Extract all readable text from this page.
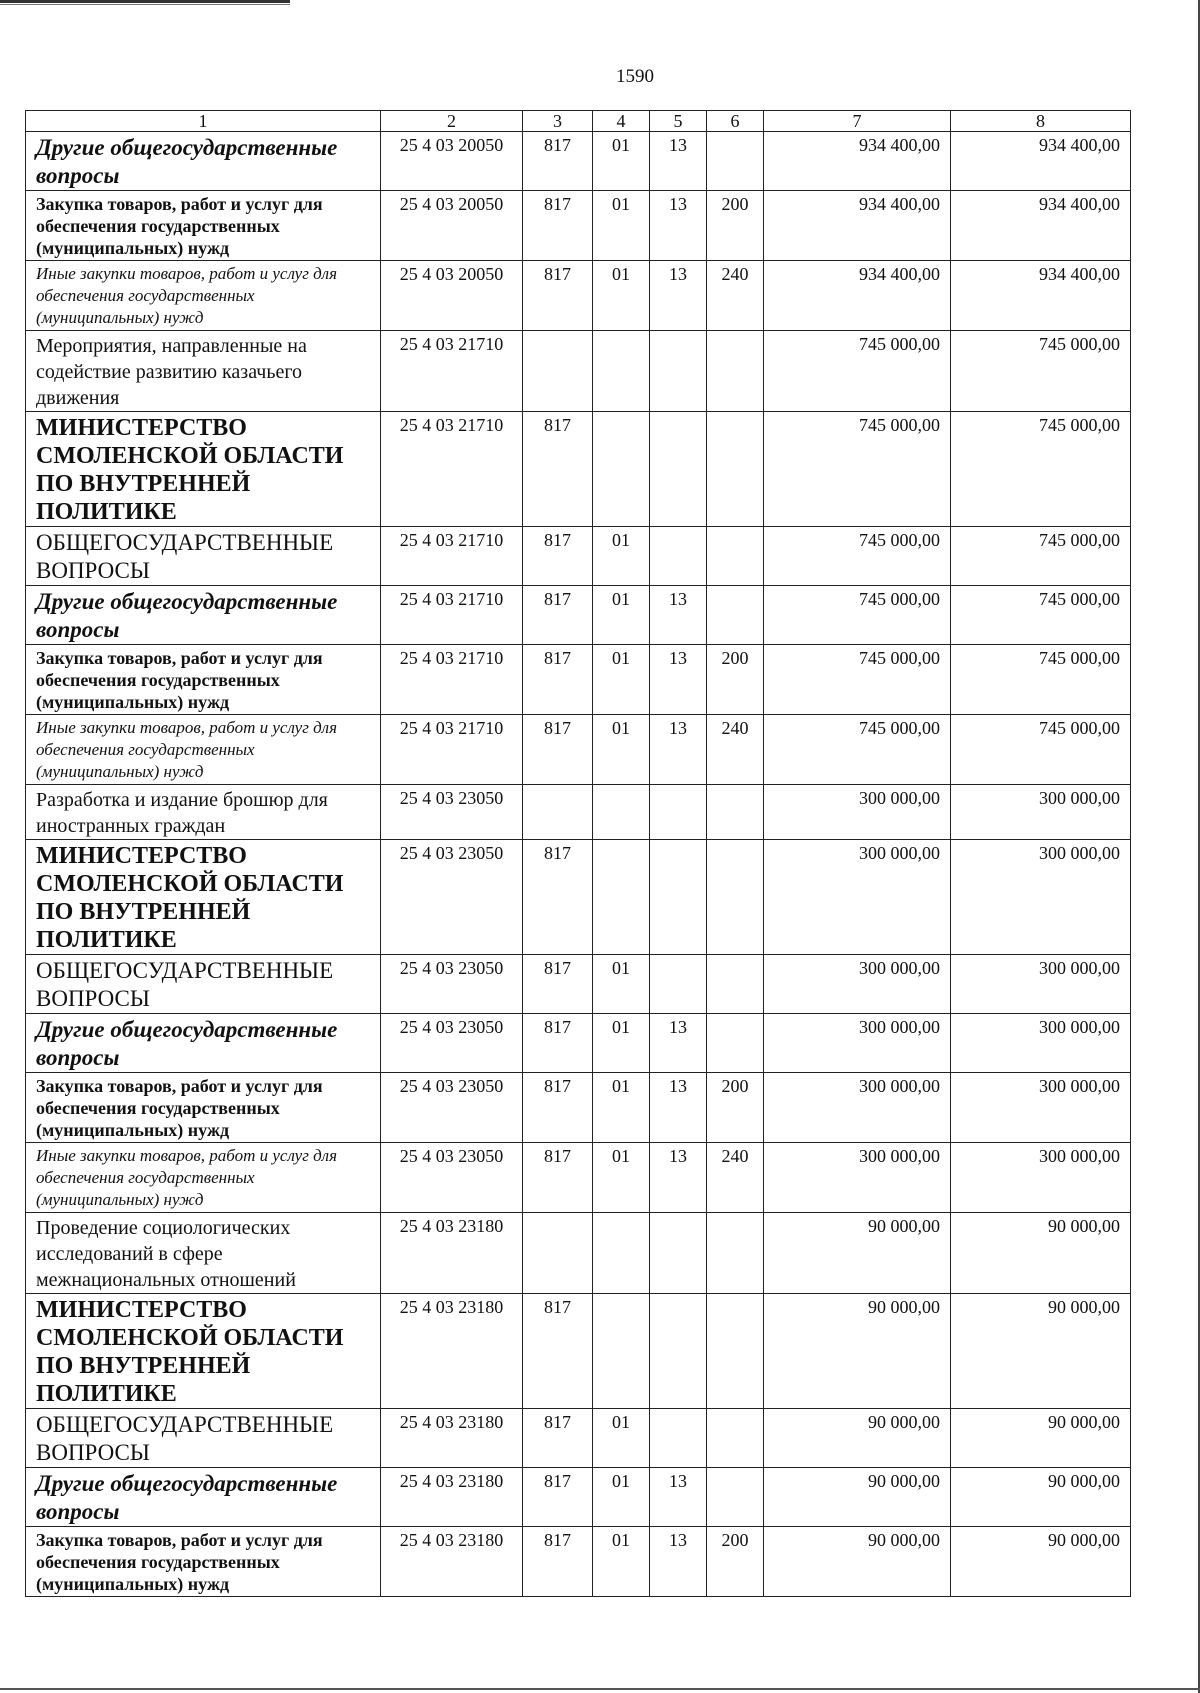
1590
1	2	3	4	5	6	7	8
Другие общегосударственные вопросы	25 4 03 20050	817	01	13		934 400,00	934 400,00
Закупка товаров, работ и услуг для обеспечения государственных (муниципальных) нужд	25 4 03 20050	817	01	13	200	934 400,00	934 400,00
Иные закупки товаров, работ и услуг для обеспечения государственных (муниципальных) нужд	25 4 03 20050	817	01	13	240	934 400,00	934 400,00
Мероприятия, направленные на содействие развитию казачьего движения	25 4 03 21710					745 000,00	745 000,00
МИНИСТЕРСТВО СМОЛЕНСКОЙ ОБЛАСТИ ПО ВНУТРЕННЕЙ ПОЛИТИКЕ	25 4 03 21710	817				745 000,00	745 000,00
ОБЩЕГОСУДАРСТВЕННЫЕ ВОПРОСЫ	25 4 03 21710	817	01			745 000,00	745 000,00
Другие общегосударственные вопросы	25 4 03 21710	817	01	13		745 000,00	745 000,00
Закупка товаров, работ и услуг для обеспечения государственных (муниципальных) нужд	25 4 03 21710	817	01	13	200	745 000,00	745 000,00
Иные закупки товаров, работ и услуг для обеспечения государственных (муниципальных) нужд	25 4 03 21710	817	01	13	240	745 000,00	745 000,00
Разработка и издание брошюр для иностранных граждан	25 4 03 23050					300 000,00	300 000,00
МИНИСТЕРСТВО СМОЛЕНСКОЙ ОБЛАСТИ ПО ВНУТРЕННЕЙ ПОЛИТИКЕ	25 4 03 23050	817				300 000,00	300 000,00
ОБЩЕГОСУДАРСТВЕННЫЕ ВОПРОСЫ	25 4 03 23050	817	01			300 000,00	300 000,00
Другие общегосударственные вопросы	25 4 03 23050	817	01	13		300 000,00	300 000,00
Закупка товаров, работ и услуг для обеспечения государственных (муниципальных) нужд	25 4 03 23050	817	01	13	200	300 000,00	300 000,00
Иные закупки товаров, работ и услуг для обеспечения государственных (муниципальных) нужд	25 4 03 23050	817	01	13	240	300 000,00	300 000,00
Проведение социологических исследований в сфере межнациональных отношений	25 4 03 23180					90 000,00	90 000,00
МИНИСТЕРСТВО СМОЛЕНСКОЙ ОБЛАСТИ ПО ВНУТРЕННЕЙ ПОЛИТИКЕ	25 4 03 23180	817				90 000,00	90 000,00
ОБЩЕГОСУДАРСТВЕННЫЕ ВОПРОСЫ	25 4 03 23180	817	01			90 000,00	90 000,00
Другие общегосударственные вопросы	25 4 03 23180	817	01	13		90 000,00	90 000,00
Закупка товаров, работ и услуг для обеспечения государственных (муниципальных) нужд	25 4 03 23180	817	01	13	200	90 000,00	90 000,00
